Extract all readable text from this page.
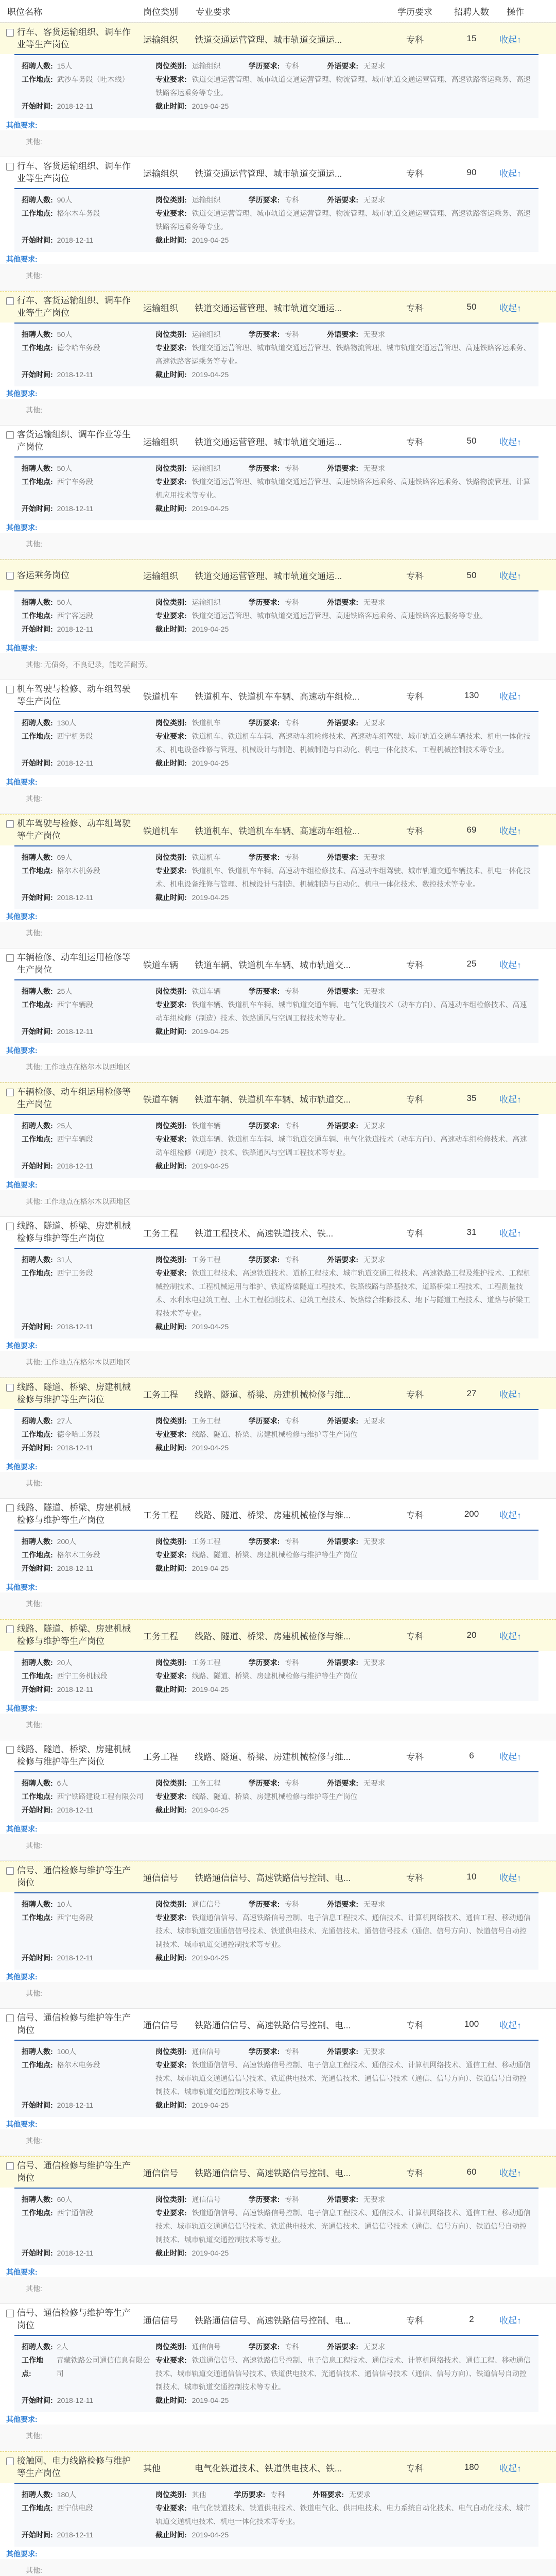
职位名称	岗位类别	专业要求	学历要求	招聘人数	操作
行车、客货运输组织、调车作业等生产岗位	运输组织	铁道交通运营管理、城市轨道交通运...	专科	15	收起↑
招聘人数: 15人	岗位类别: 运输组织	学历要求: 专科	外语要求: 无要求
工作地点: 武沙车务段（吐木线）	专业要求: 铁道交通运营管理、城市轨道交通运营管理、物流管理、城市轨道交通运营管理、高速铁路客运乘务、高速铁路客运乘务等专业。
开始时间: 2018-12-11	截止时间: 2019-04-25
其他要求:
其他:
行车、客货运输组织、调车作业等生产岗位	运输组织	铁道交通运营管理、城市轨道交通运...	专科	90	收起↑
招聘人数: 90人	岗位类别: 运输组织	学历要求: 专科	外语要求: 无要求
工作地点: 格尔木车务段	专业要求: 铁道交通运营管理、城市轨道交通运营管理、物流管理、城市轨道交通运营管理、高速铁路客运乘务、高速铁路客运乘务等专业。
开始时间: 2018-12-11	截止时间: 2019-04-25
其他要求:
其他:
行车、客货运输组织、调车作业等生产岗位	运输组织	铁道交通运营管理、城市轨道交通运...	专科	50	收起↑
招聘人数: 50人	岗位类别: 运输组织	学历要求: 专科	外语要求: 无要求
工作地点: 德令哈车务段	专业要求: 铁道交通运营管理、城市轨道交通运营管理、铁路物流管理、城市轨道交通运营管理、高速铁路客运乘务、高速铁路客运乘务等专业。
开始时间: 2018-12-11	截止时间: 2019-04-25
其他要求:
其他:
客货运输组织、调车作业等生产岗位	运输组织	铁道交通运营管理、城市轨道交通运...	专科	50	收起↑
招聘人数: 50人	岗位类别: 运输组织	学历要求: 专科	外语要求: 无要求
工作地点: 西宁车务段	专业要求: 铁道交通运营管理、城市轨道交通运营管理、高速铁路客运乘务、高速铁路客运乘务、铁路物流管理、计算机应用技术等专业。
开始时间: 2018-12-11	截止时间: 2019-04-25
其他要求:
其他:
客运乘务岗位	运输组织	铁道交通运营管理、城市轨道交通运...	专科	50	收起↑
招聘人数: 50人	岗位类别: 运输组织	学历要求: 专科	外语要求: 无要求
工作地点: 西宁客运段	专业要求: 铁道交通运营管理、城市轨道交通运营管理、高速铁路客运乘务、高速铁路客运服务等专业。
开始时间: 2018-12-11	截止时间: 2019-04-25
其他要求:
其他: 无债务，不良记录，能吃苦耐劳。
机车驾驶与检修、动车组驾驶等生产岗位	铁道机车	铁道机车、铁道机车车辆、高速动车组检...	专科	130	收起↑
招聘人数: 130人	岗位类别: 铁道机车	学历要求: 专科	外语要求: 无要求
工作地点: 西宁机务段	专业要求: 铁道机车、铁道机车车辆、高速动车组检修技术、高速动车组驾驶、城市轨道交通车辆技术、机电一体化技术、机电设备维修与管理、机械设计与制造、机械制造与自动化、机电一体化技术、工程机械控制技术等专业。
开始时间: 2018-12-11	截止时间: 2019-04-25
其他要求:
其他:
机车驾驶与检修、动车组驾驶等生产岗位	铁道机车	铁道机车、铁道机车车辆、高速动车组检...	专科	69	收起↑
招聘人数: 69人	岗位类别: 铁道机车	学历要求: 专科	外语要求: 无要求
工作地点: 格尔木机务段	专业要求: 铁道机车、铁道机车车辆、高速动车组检修技术、高速动车组驾驶、城市轨道交通车辆技术、机电一体化技术、机电设备维修与管理、机械设计与制造、机械制造与自动化、机电一体化技术、数控技术等专业。
开始时间: 2018-12-11	截止时间: 2019-04-25
其他要求:
其他:
车辆检修、动车组运用检修等生产岗位	铁道车辆	铁道车辆、铁道机车车辆、城市轨道交...	专科	25	收起↑
招聘人数: 25人	岗位类别: 铁道车辆	学历要求: 专科	外语要求: 无要求
工作地点: 西宁车辆段	专业要求: 铁道车辆、铁道机车车辆、城市轨道交通车辆、电气化铁道技术（动车方向）、高速动车组检修技术、高速动车组检修（制造）技术、铁路通风与空调工程技术等专业。
开始时间: 2018-12-11	截止时间: 2019-04-25
其他要求:
其他: 工作地点在格尔木以西地区
车辆检修、动车组运用检修等生产岗位	铁道车辆	铁道车辆、铁道机车车辆、城市轨道交...	专科	35	收起↑
招聘人数: 25人	岗位类别: 铁道车辆	学历要求: 专科	外语要求: 无要求
工作地点: 西宁车辆段	专业要求: 铁道车辆、铁道机车车辆、城市轨道交通车辆、电气化铁道技术（动车方向）、高速动车组检修技术、高速动车组检修（制造）技术、铁路通风与空调工程技术等专业。
开始时间: 2018-12-11	截止时间: 2019-04-25
其他要求:
其他: 工作地点在格尔木以西地区
线路、隧道、桥梁、房建机械检修与维护等生产岗位	工务工程	铁道工程技术、高速铁道技术、铁...	专科	31	收起↑
招聘人数: 31人	岗位类别: 工务工程	学历要求: 专科	外语要求: 无要求
工作地点: 西宁工务段	专业要求: 铁道工程技术、高速铁道技术、道桥工程技术、城市轨道交通工程技术、高速铁路工程及维护技术、工程机械控制技术、工程机械运用与维护、铁道桥梁隧道工程技术、铁路线路与路基技术、道路桥梁工程技术、工程测量技术、水利水电建筑工程、土木工程检测技术、建筑工程技术、铁路综合维修技术、地下与隧道工程技术、道路与桥梁工程技术等专业。
开始时间: 2018-12-11	截止时间: 2019-04-25
其他要求:
其他: 工作地点在格尔木以西地区
线路、隧道、桥梁、房建机械检修与维护等生产岗位	工务工程	线路、隧道、桥梁、房建机械检修与维...	专科	27	收起↑
招聘人数: 27人	岗位类别: 工务工程	学历要求: 专科	外语要求: 无要求
工作地点: 德令哈工务段	专业要求: 线路、隧道、桥梁、房建机械检修与维护等生产岗位
开始时间: 2018-12-11	截止时间: 2019-04-25
其他要求:
其他:
线路、隧道、桥梁、房建机械检修与维护等生产岗位	工务工程	线路、隧道、桥梁、房建机械检修与维...	专科	200	收起↑
招聘人数: 200人	岗位类别: 工务工程	学历要求: 专科	外语要求: 无要求
工作地点: 格尔木工务段	专业要求: 线路、隧道、桥梁、房建机械检修与维护等生产岗位
开始时间: 2018-12-11	截止时间: 2019-04-25
其他要求:
其他:
线路、隧道、桥梁、房建机械检修与维护等生产岗位	工务工程	线路、隧道、桥梁、房建机械检修与维...	专科	20	收起↑
招聘人数: 20人	岗位类别: 工务工程	学历要求: 专科	外语要求: 无要求
工作地点: 西宁工务机械段	专业要求: 线路、隧道、桥梁、房建机械检修与维护等生产岗位
开始时间: 2018-12-11	截止时间: 2019-04-25
其他要求:
其他:
线路、隧道、桥梁、房建机械检修与维护等生产岗位	工务工程	线路、隧道、桥梁、房建机械检修与维...	专科	6	收起↑
招聘人数: 6人	岗位类别: 工务工程	学历要求: 专科	外语要求: 无要求
工作地点: 西宁铁路建设工程有限公司 专业要求: 线路、隧道、桥梁、房建机械检修与维护等生产岗位
开始时间: 2018-12-11	截止时间: 2019-04-25
其他要求:
其他:
信号、通信检修与维护等生产岗位	通信信号	铁路通信信号、高速铁路信号控制、电...	专科	10	收起↑
招聘人数: 10人	岗位类别: 通信信号	学历要求: 专科	外语要求: 无要求
工作地点: 西宁电务段	专业要求: 铁道通信信号、高速铁路信号控制、电子信息工程技术、通信技术、计算机网络技术、通信工程、移动通信技术、城市轨道交通通信信号技术、铁道供电技术、光通信技术、通信信号技术（通信、信号方向）、铁道信号自动控制技术、城市轨道交通控制技术等专业。
开始时间: 2018-12-11	截止时间: 2019-04-25
其他要求:
其他:
信号、通信检修与维护等生产岗位	通信信号	铁路通信信号、高速铁路信号控制、电...	专科	100	收起↑
招聘人数: 100人	岗位类别: 通信信号	学历要求: 专科	外语要求: 无要求
工作地点: 格尔木电务段	专业要求: 铁道通信信号、高速铁路信号控制、电子信息工程技术、通信技术、计算机网络技术、通信工程、移动通信技术、城市轨道交通通信信号技术、铁道供电技术、光通信技术、通信信号技术（通信、信号方向）、铁道信号自动控制技术、城市轨道交通控制技术等专业。
开始时间: 2018-12-11	截止时间: 2019-04-25
其他要求:
其他:
信号、通信检修与维护等生产岗位	通信信号	铁路通信信号、高速铁路信号控制、电...	专科	60	收起↑
招聘人数: 60人	岗位类别: 通信信号	学历要求: 专科	外语要求: 无要求
工作地点: 西宁通信段	专业要求: 铁道通信信号、高速铁路信号控制、电子信息工程技术、通信技术、计算机网络技术、通信工程、移动通信技术、城市轨道交通通信信号技术、铁道供电技术、光通信技术、通信信号技术（通信、信号方向）、铁道信号自动控制技术、城市轨道交通控制技术等专业。
开始时间: 2018-12-11	截止时间: 2019-04-25
其他要求:
其他:
信号、通信检修与维护等生产岗位	通信信号	铁路通信信号、高速铁路信号控制、电...	专科	2	收起↑
招聘人数: 2人	岗位类别: 通信信号	学历要求: 专科	外语要求: 无要求
工作地点:
青藏铁路公司通信信息有限公司
专业要求: 铁道通信信号、高速铁路信号控制、电子信息工程技术、通信技术、计算机网络技术、通信工程、移动通信技术、城市轨道交通通信信号技术、铁道供电技术、光通信技术、通信信号技术（通信、信号方向）、铁道信号自动控制技术、城市轨道交通控制技术等专业。
开始时间: 2018-12-11	截止时间: 2019-04-25
其他要求:
其他:
接触网、电力线路检修与维护等生产岗位	其他	电气化铁道技术、铁道供电技术、铁...	专科	180	收起↑
招聘人数: 180人	岗位类别: 其他	学历要求: 专科	外语要求: 无要求
工作地点: 西宁供电段	专业要求: 电气化铁道技术、铁道供电技术、铁道电气化、供用电技术、电力系统自动化技术、电气自动化技术、城市轨道交通机电技术、机电一体化技术等专业。
开始时间: 2018-12-11	截止时间: 2019-04-25
其他要求:
其他:
